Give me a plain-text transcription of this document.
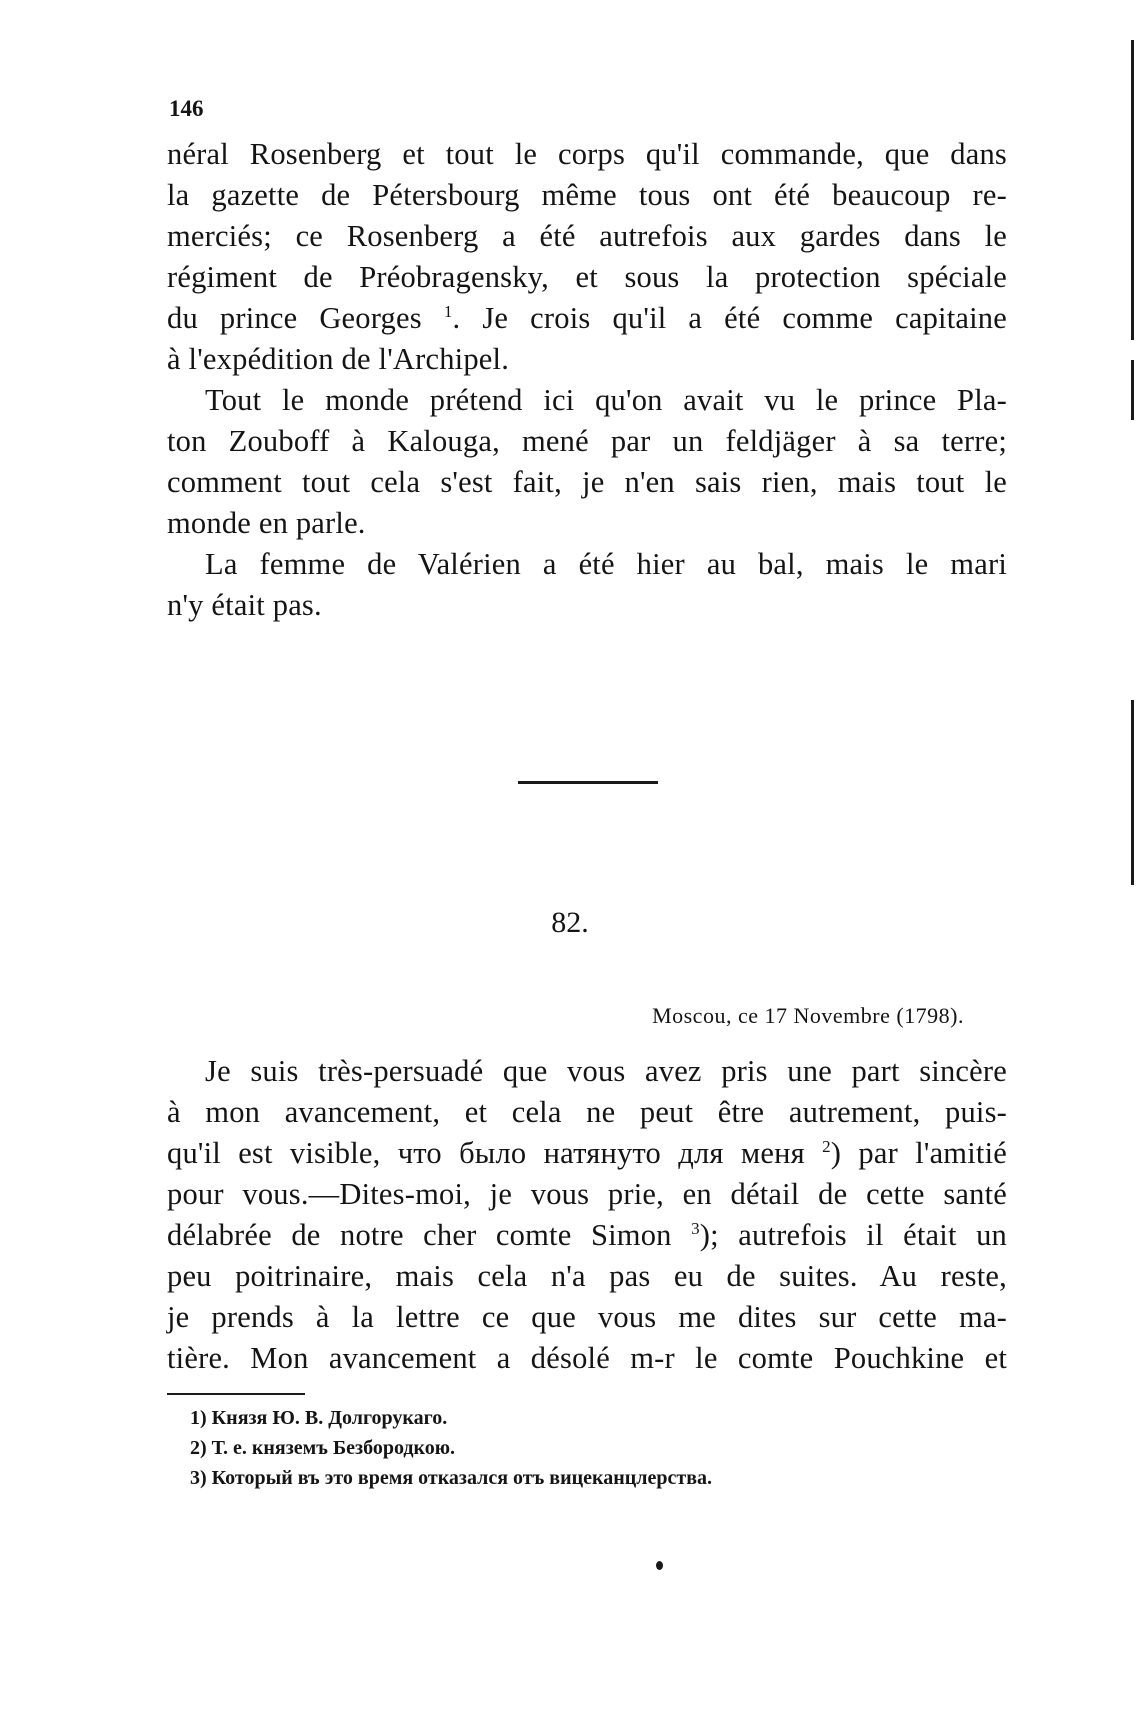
146
néral Rosenberg et tout le corps qu'il commande, que dans
la gazette de Pétersbourg même tous ont été beaucoup re-
merciés; ce Rosenberg a été autrefois aux gardes dans le
régiment de Préobragensky, et sous la protection spéciale
du prince Georges $^1$. Je crois qu'il a été comme capitaine
à l'expédition de l'Archipel.
Tout le monde prétend ici qu'on avait vu le prince Pla-
ton Zouboff à Kalouga, mené par un feldjäger à sa terre;
comment tout cela s'est fait, je n'en sais rien, mais tout le
monde en parle.
La femme de Valérien a été hier au bal, mais le mari
n'y était pas.
82.
Moscou, ce 17 Novembre (1798).
Je suis très-persuadé que vous avez pris une part sincère
à mon avancement, et cela ne peut être autrement, puis-
qu'il est visible, что было натянуто для меня $^2$) par l'amitié
pour vous.—Dites-moi, je vous prie, en détail de cette santé
délabrée de notre cher comte Simon $^3$); autrefois il était un
peu poitrinaire, mais cela n'a pas eu de suites. Au reste,
je prends à la lettre ce que vous me dites sur cette ma-
tière. Mon avancement a désolé m-r le comte Pouchkine et
1) Князя Ю. В. Долгорукаго.
2) Т. е. княземъ Безбородкою.
3) Который въ это время отказался отъ вицеканцлерства.
